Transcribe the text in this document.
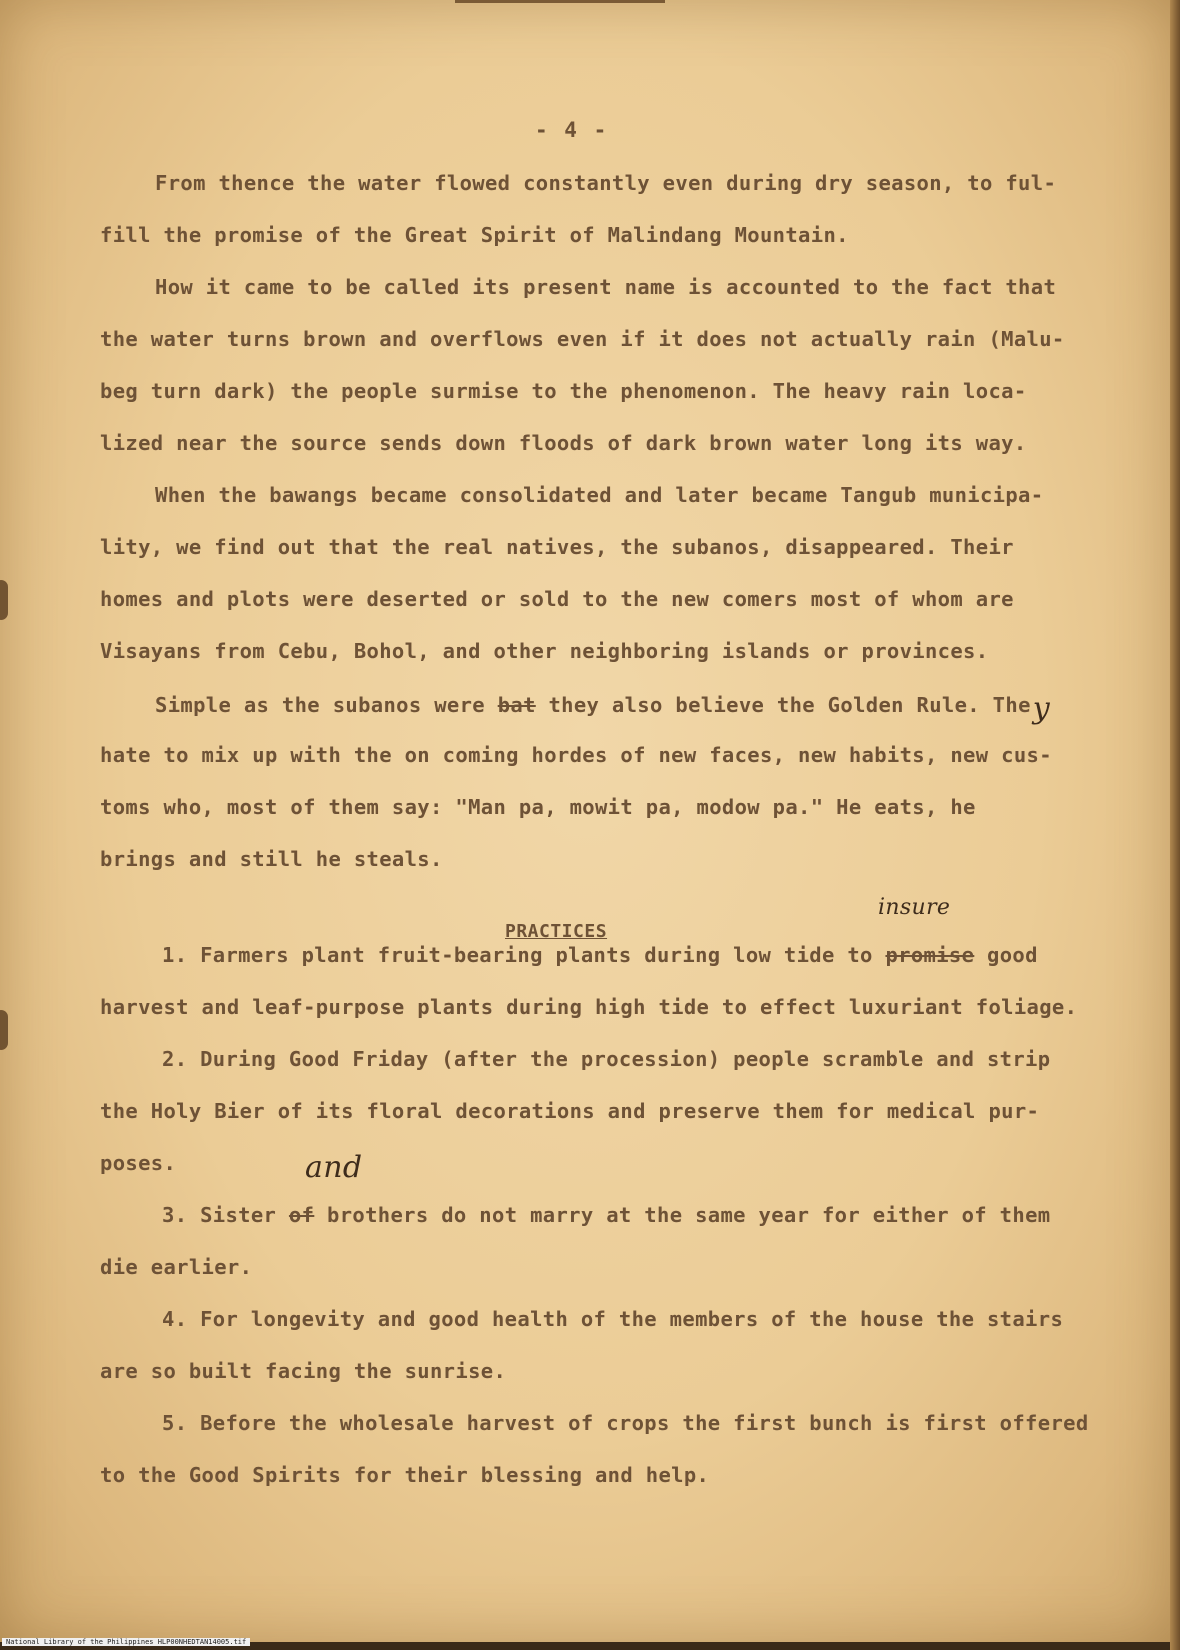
- 4 -
From thence the water flowed constantly even during dry season, to ful-
fill the promise of the Great Spirit of Malindang Mountain.
How it came to be called its present name is accounted to the fact that
the water turns brown and overflows even if it does not actually rain (Malu-
beg turn dark) the people surmise to the phenomenon. The heavy rain loca-
lized near the source sends down floods of dark brown water long its way.
When the bawangs became consolidated and later became Tangub municipa-
lity, we find out that the real natives, the subanos, disappeared. Their
homes and plots were deserted or sold to the new comers most of whom are
Visayans from Cebu, Bohol, and other neighboring islands or provinces.
Simple as the subanos were bat they also believe the Golden Rule. They
hate to mix up with the on coming hordes of new faces, new habits, new cus-
toms who, most of them say: "Man pa, mowit pa, modow pa." He eats, he
brings and still he steals.
insure
1. Farmers plant fruit-bearing plants during low tide to promise good
harvest and leaf-purpose plants during high tide to effect luxuriant foliage.
2. During Good Friday (after the procession) people scramble and strip
the Holy Bier of its floral decorations and preserve them for medical pur-
poses.	and
3. Sister of brothers do not marry at the same year for either of them
die earlier.
4. For longevity and good health of the members of the house the stairs
are so built facing the sunrise.
5. Before the wholesale harvest of crops the first bunch is first offered
to the Good Spirits for their blessing and help.
PRACTICES
National Library of the Philippines HLP00NHEDTAN14005.tif
